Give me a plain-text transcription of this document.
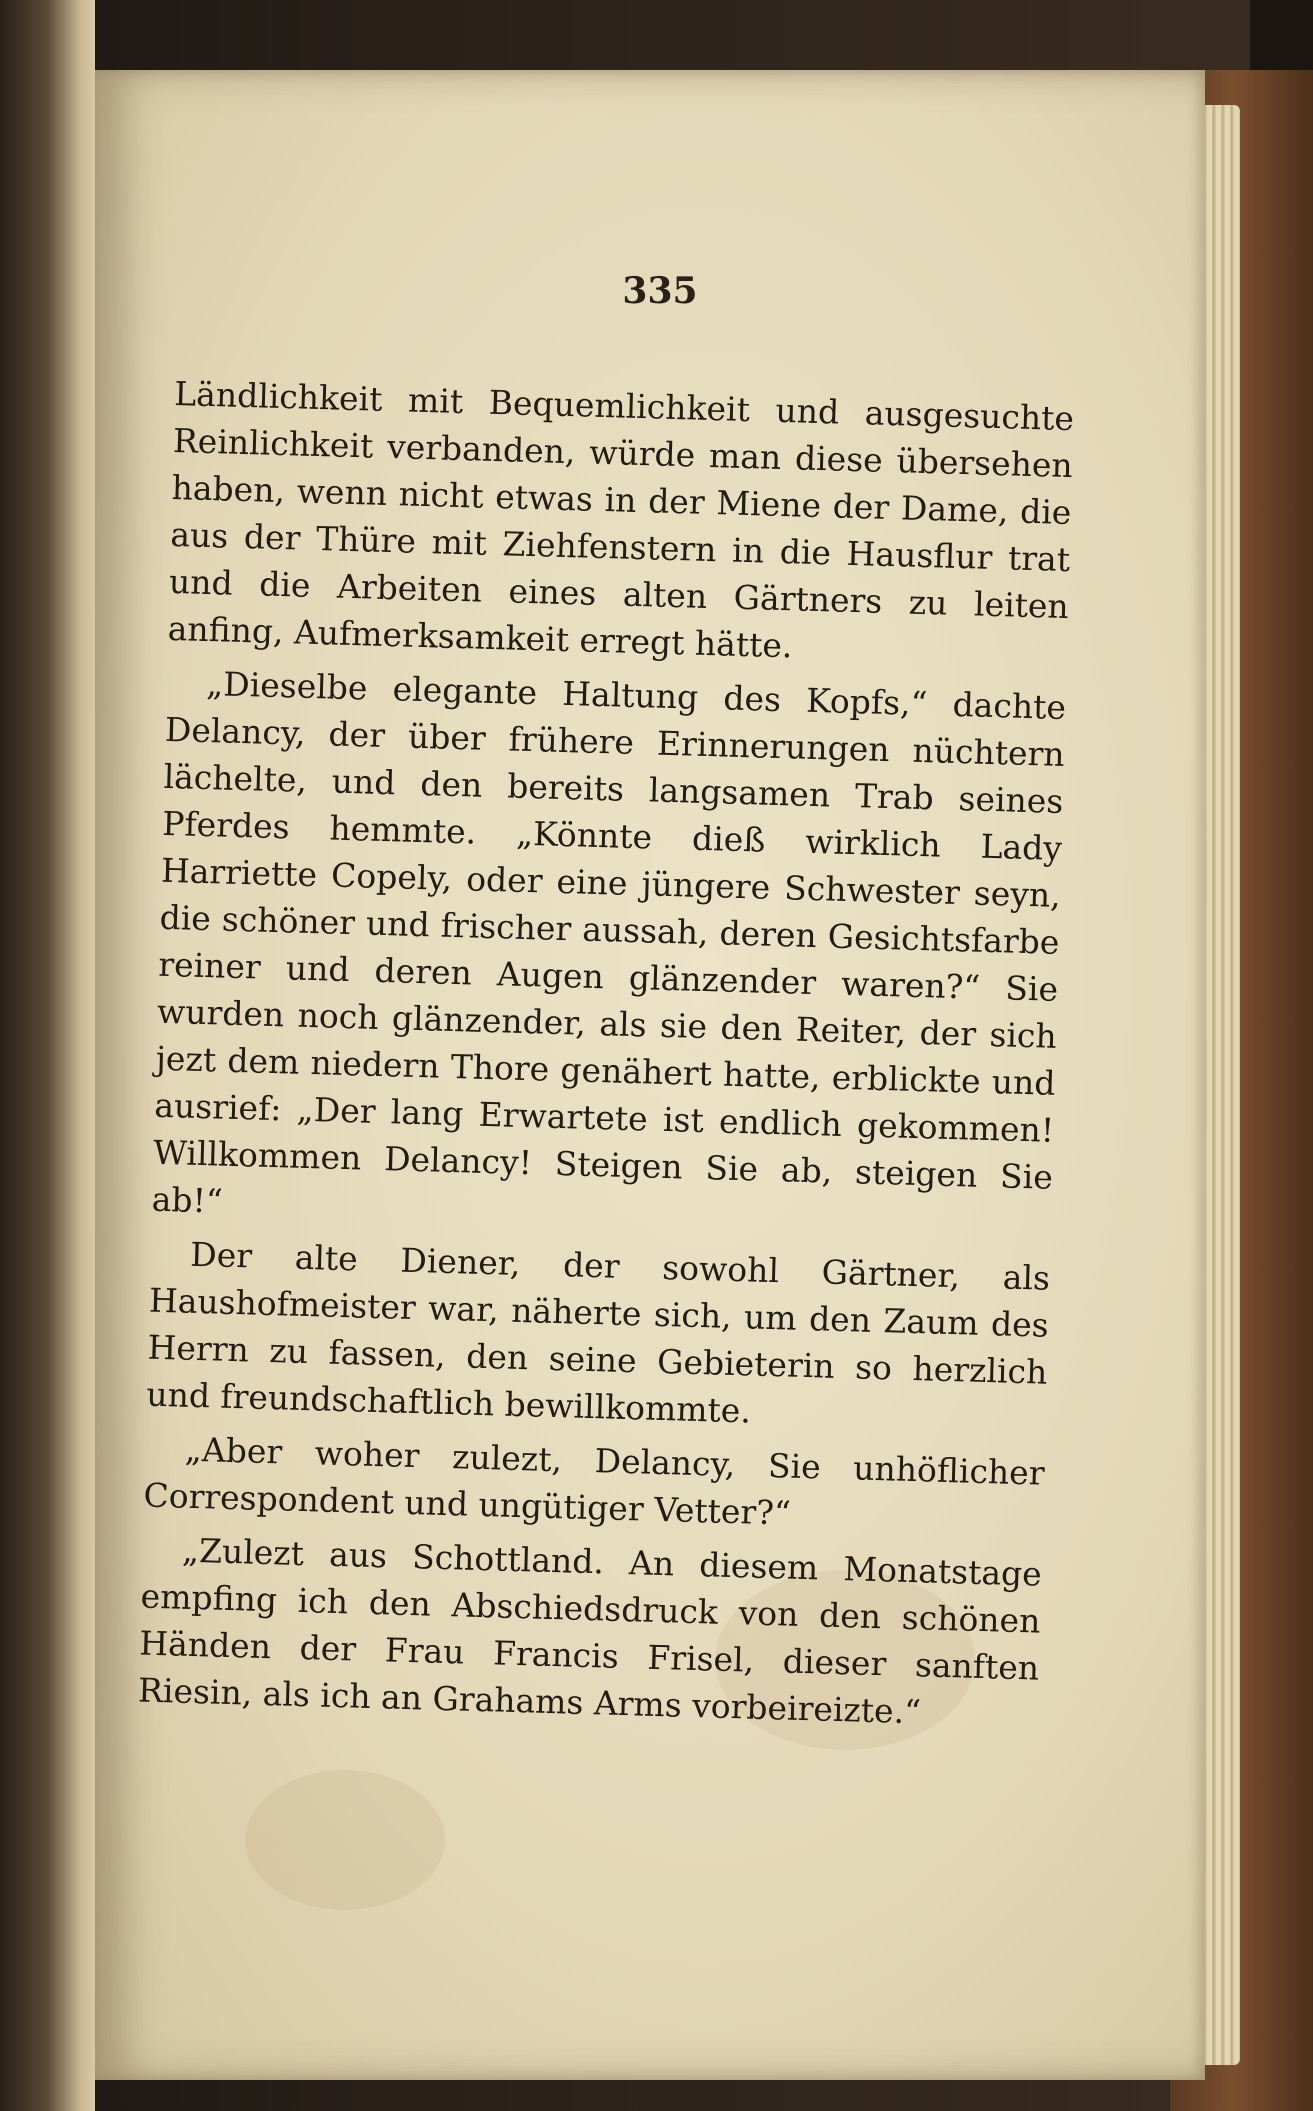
335

Ländlichkeit mit Bequemlichkeit und ausgesuchte Reinlichkeit verbanden, würde man diese übersehen haben, wenn nicht etwas in der Miene der Dame, die aus der Thüre mit Ziehfenstern in die Hausflur trat und die Arbeiten eines alten Gärtners zu leiten anfing, Aufmerksamkeit erregt hätte.

„Dieselbe elegante Haltung des Kopfs,“ dachte Delancy, der über frühere Erinnerungen nüchtern lächelte, und den bereits langsamen Trab seines Pferdes hemmte. „Könnte dieß wirklich Lady Harriette Copely, oder eine jüngere Schwester seyn, die schöner und frischer aussah, deren Gesichtsfarbe reiner und deren Augen glänzender waren?“ Sie wurden noch glänzender, als sie den Reiter, der sich jezt dem niedern Thore genähert hatte, erblickte und ausrief: „Der lang Erwartete ist endlich gekommen! Willkommen Delancy! Steigen Sie ab, steigen Sie ab!“

Der alte Diener, der sowohl Gärtner, als Haushofmeister war, näherte sich, um den Zaum des Herrn zu fassen, den seine Gebieterin so herzlich und freundschaftlich bewillkommte.

„Aber woher zulezt, Delancy, Sie unhöflicher Correspondent und ungütiger Vetter?“

„Zulezt aus Schottland. An diesem Monatstage empfing ich den Abschiedsdruck von den schönen Händen der Frau Francis Frisel, dieser sanften Riesin, als ich an Grahams Arms vorbeireizte.“
